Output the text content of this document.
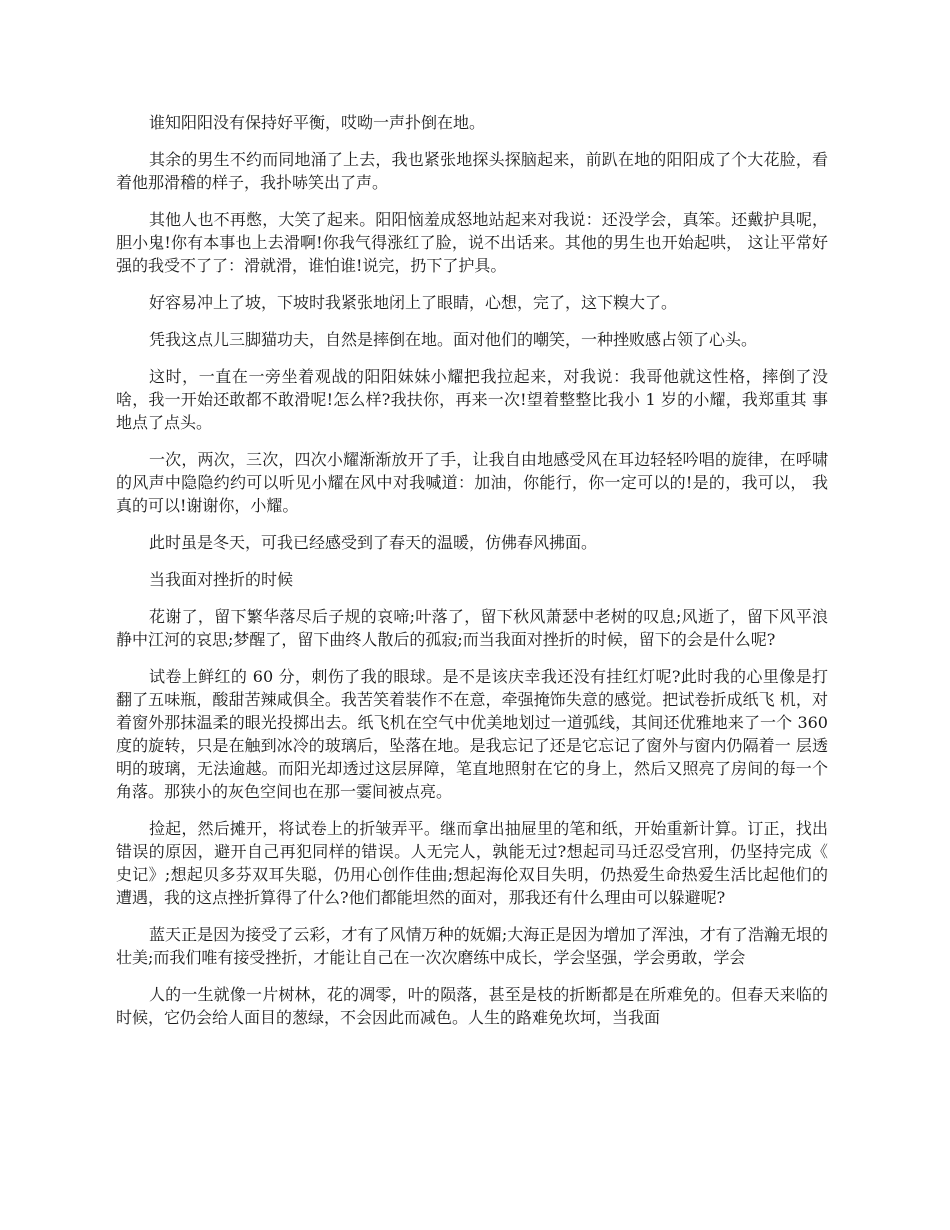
谁知阳阳没有保持好平衡，哎呦一声扑倒在地。

其余的男生不约而同地涌了上去，我也紧张地探头探脑起来，前趴在地的阳阳成了个大花脸，看着他那滑稽的样子，我扑哧笑出了声。

其他人也不再憋，大笑了起来。阳阳恼羞成怒地站起来对我说：还没学会，真笨。还戴护具呢，胆小鬼!你有本事也上去滑啊!你我气得涨红了脸，说不出话来。其他的男生也开始起哄， 这让平常好强的我受不了了：滑就滑，谁怕谁!说完，扔下了护具。

好容易冲上了坡，下坡时我紧张地闭上了眼睛，心想，完了，这下糗大了。

凭我这点儿三脚猫功夫，自然是摔倒在地。面对他们的嘲笑，一种挫败感占领了心头。

这时，一直在一旁坐着观战的阳阳妹妹小耀把我拉起来，对我说：我哥他就这性格，摔倒了没啥，我一开始还敢都不敢滑呢!怎么样?我扶你，再来一次!望着整整比我小 1 岁的小耀，我郑重其 事地点了点头。

一次，两次，三次，四次小耀渐渐放开了手，让我自由地感受风在耳边轻轻吟唱的旋律，在呼啸的风声中隐隐约约可以听见小耀在风中对我喊道：加油，你能行，你一定可以的!是的，我可以， 我真的可以!谢谢你，小耀。

此时虽是冬天，可我已经感受到了春天的温暖，仿佛春风拂面。

当我面对挫折的时候

花谢了，留下繁华落尽后子规的哀啼;叶落了，留下秋风萧瑟中老树的叹息;风逝了，留下风平浪静中江河的哀思;梦醒了，留下曲终人散后的孤寂;而当我面对挫折的时候，留下的会是什么呢?

试卷上鲜红的 60 分，刺伤了我的眼球。是不是该庆幸我还没有挂红灯呢?此时我的心里像是打翻了五味瓶，酸甜苦辣咸俱全。我苦笑着装作不在意，牵强掩饰失意的感觉。把试卷折成纸飞 机，对着窗外那抹温柔的眼光投掷出去。纸飞机在空气中优美地划过一道弧线，其间还优雅地来了一个 360 度的旋转，只是在触到冰冷的玻璃后，坠落在地。是我忘记了还是它忘记了窗外与窗内仍隔着一 层透明的玻璃，无法逾越。而阳光却透过这层屏障，笔直地照射在它的身上，然后又照亮了房间的每一个角落。那狭小的灰色空间也在那一霎间被点亮。

捡起，然后摊开，将试卷上的折皱弄平。继而拿出抽屉里的笔和纸，开始重新计算。订正，找出错误的原因，避开自己再犯同样的错误。人无完人，孰能无过?想起司马迁忍受宫刑，仍坚持完成《 史记》;想起贝多芬双耳失聪，仍用心创作佳曲;想起海伦双目失明，仍热爱生命热爱生活比起他们的遭遇，我的这点挫折算得了什么?他们都能坦然的面对，那我还有什么理由可以躲避呢?

蓝天正是因为接受了云彩，才有了风情万种的妩媚;大海正是因为增加了浑浊，才有了浩瀚无垠的壮美;而我们唯有接受挫折，才能让自己在一次次磨练中成长，学会坚强，学会勇敢，学会

人的一生就像一片树林，花的凋零，叶的陨落，甚至是枝的折断都是在所难免的。但春天来临的时候，它仍会给人面目的葱绿，不会因此而减色。人生的路难免坎坷，当我面
